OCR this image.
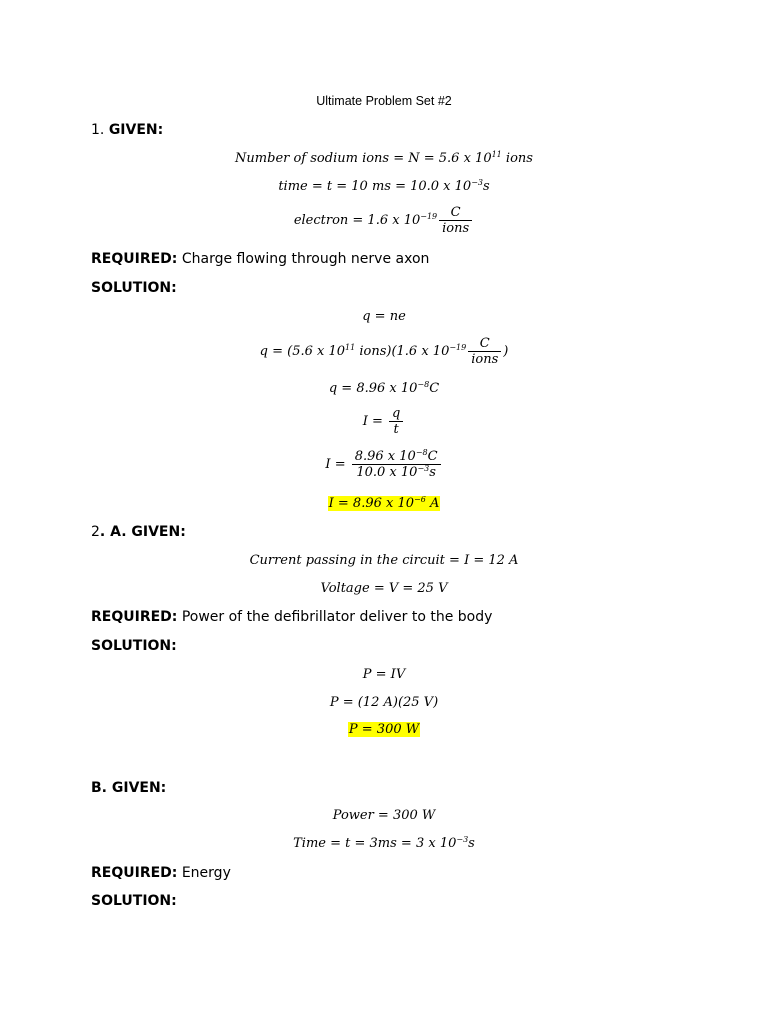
Ultimate Problem Set #2
1. GIVEN:
Number of sodium ions = N = 5.6 x $10^{11}$ ions
time = t = 10 ms = 10.0 x $10^{-3}s$
electron = 1.6 x $10^{-19} \frac{C}{\text{ions}}$
REQUIRED: Charge flowing through nerve axon
SOLUTION:
q = ne
q = (5.6 x $10^{11}$ ions)(1.6 x $10^{-19} \frac{C}{\text{ions}}$ )
q = 8.96 x $10^{-8}C$
$I = \frac{q}{t}$
$I = \frac{8.96 x 10^{-8}C}{10.0 x 10^{-3}s}$
I = 8.96 x $10^{-6}$ A
2. A. GIVEN:
Current passing in the circuit = I = 12 A
Voltage = V = 25 V
REQUIRED: Power of the defibrillator deliver to the body
SOLUTION:
P = IV
P = (12 A)(25 V)
P = 300 W
B. GIVEN:
Power = 300 W
Time = t = 3ms = 3 x $10^{-3}s$
REQUIRED: Energy
SOLUTION:
